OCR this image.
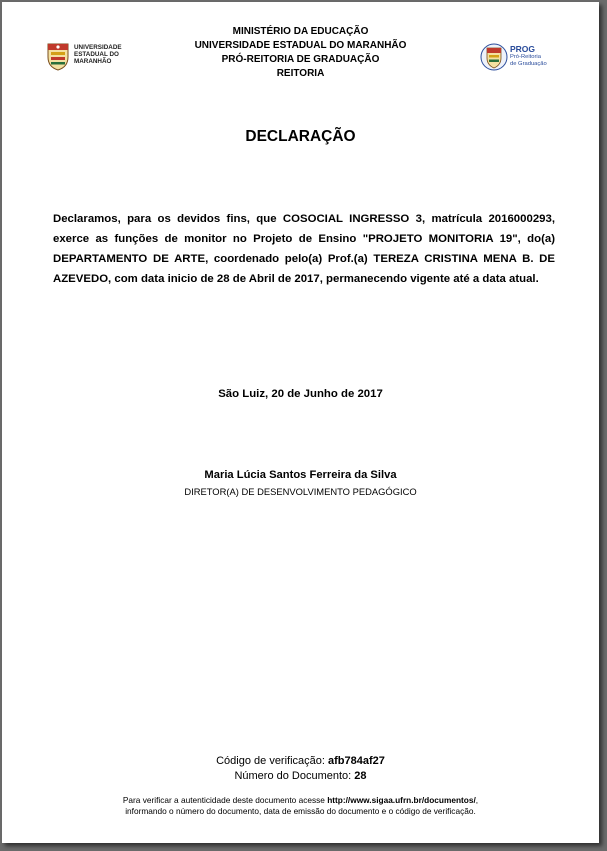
UNIVERSIDADE
ESTADUAL DO
MARANHÃO
MINISTÉRIO DA EDUCAÇÃO
UNIVERSIDADE ESTADUAL DO MARANHÃO
PRÓ-REITORIA DE GRADUAÇÃO
REITORIA
PROG
Pró-Reitoria
de Graduação
DECLARAÇÃO
Declaramos, para os devidos fins, que COSOCIAL INGRESSO 3, matrícula 2016000293, exerce as funções de monitor no Projeto de Ensino "PROJETO MONITORIA 19", do(a) DEPARTAMENTO DE ARTE, coordenado pelo(a) Prof.(a) TEREZA CRISTINA MENA B. DE AZEVEDO, com data inicio de 28 de Abril de 2017, permanecendo vigente até a data atual.
São Luiz, 20 de Junho de 2017
Maria Lúcia Santos Ferreira da Silva
DIRETOR(A) DE DESENVOLVIMENTO PEDAGÓGICO
Código de verificação: afb784af27
Número do Documento: 28
Para verificar a autenticidade deste documento acesse http://www.sigaa.ufrn.br/documentos/,
informando o número do documento, data de emissão do documento e o código de verificação.
